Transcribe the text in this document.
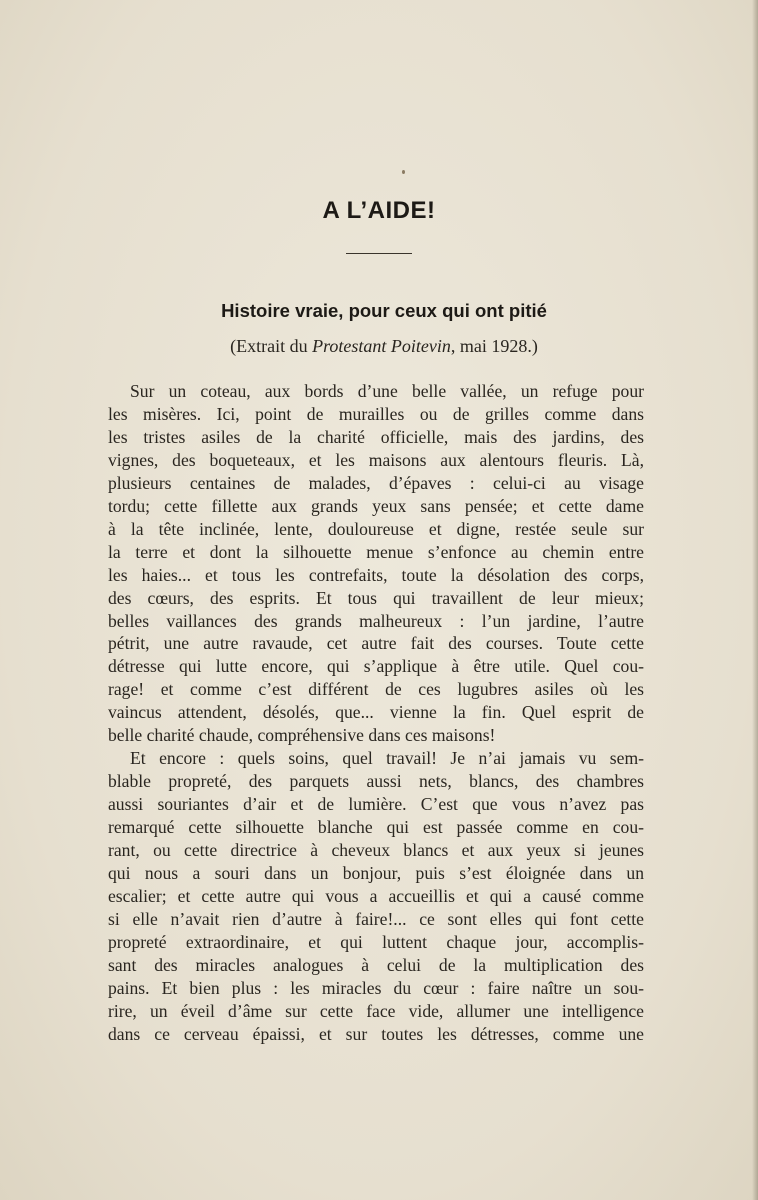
A L’AIDE!
Histoire vraie, pour ceux qui ont pitié

(Extrait du Protestant Poitevin, mai 1928.)

Sur un coteau, aux bords d’une belle vallée, un refuge pour
les misères. Ici, point de murailles ou de grilles comme dans
les tristes asiles de la charité officielle, mais des jardins, des
vignes, des boqueteaux, et les maisons aux alentours fleuris. Là,
plusieurs centaines de malades, d’épaves : celui-ci au visage
tordu; cette fillette aux grands yeux sans pensée; et cette dame
à la tête inclinée, lente, douloureuse et digne, restée seule sur
la terre et dont la silhouette menue s’enfonce au chemin entre
les haies... et tous les contrefaits, toute la désolation des corps,
des cœurs, des esprits. Et tous qui travaillent de leur mieux;
belles vaillances des grands malheureux : l’un jardine, l’autre
pétrit, une autre ravaude, cet autre fait des courses. Toute cette
détresse qui lutte encore, qui s’applique à être utile. Quel cou-
rage! et comme c’est différent de ces lugubres asiles où les
vaincus attendent, désolés, que... vienne la fin. Quel esprit de
belle charité chaude, compréhensive dans ces maisons!
Et encore : quels soins, quel travail! Je n’ai jamais vu sem-
blable propreté, des parquets aussi nets, blancs, des chambres
aussi souriantes d’air et de lumière. C’est que vous n’avez pas
remarqué cette silhouette blanche qui est passée comme en cou-
rant, ou cette directrice à cheveux blancs et aux yeux si jeunes
qui nous a souri dans un bonjour, puis s’est éloignée dans un
escalier; et cette autre qui vous a accueillis et qui a causé comme
si elle n’avait rien d’autre à faire!... ce sont elles qui font cette
propreté extraordinaire, et qui luttent chaque jour, accomplis-
sant des miracles analogues à celui de la multiplication des
pains. Et bien plus : les miracles du cœur : faire naître un sou-
rire, un éveil d’âme sur cette face vide, allumer une intelligence
dans ce cerveau épaissi, et sur toutes les détresses, comme une
